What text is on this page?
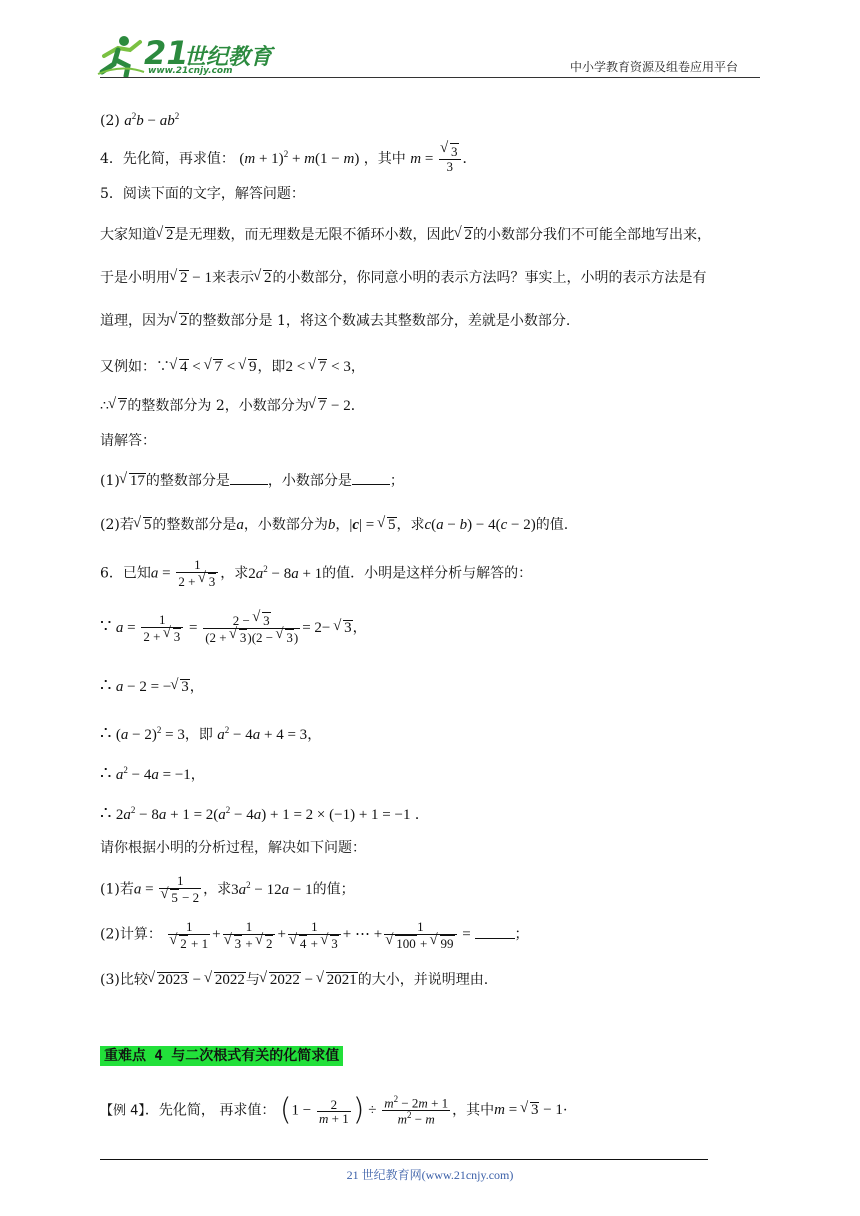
21
世纪教育
www.21cnjy.com	中小学教育资源及组卷应用平台
(2) $a^2b - ab^2$
4．先化简，再求值： $(m + 1)^2 + m(1 - m)$ ，其中 m = √ $\frac{3}{3}$ ．
5．阅读下面的文字，解答问题：
大家知道 √ 2是无理数，而无理数是无限不循环小数，因此 √ 2的小数部分我们不可能全部地写出来，
于是小明用 √ 2 − 1来表示 √ 2的小数部分，你同意小明的表示方法吗？事实上，小明的表示方法是有
道理，因为 √ 2的整数部分是 1，将这个数减去其整数部分，差就是小数部分.
又例如：∵ √ 4 < √ 7 < √ 9，即2 < √ 7 < 3，
∴ √ 7的整数部分为 2，小数部分为 √ 7 − 2．
请解答：
(1) √ 17的整数部分是	，小数部分是	；
(2)若 √ 5的整数部分是a，小数部分为b，|c| = √ 5，求c(a − b) − 4(c − 2)的值.
6．已知$a = \frac{1}{2 + √ 3}$ ，求$2a^2 - 8a + 1$的值．小明是这样分析与解答的：
∵ $a = \frac{1}{2 + √ 3} = \frac{2 - √ 3}{(2 + √ 3)(2 - √ 3)} = 2-$ √ 3，
∴ a − 2 = − √ 3，
∴ $(a - 2)^2 = 3$，即 $a^2 - 4a + 4 = 3$，
∴ $a^2 - 4a = -1$，
∴ $2a^2 - 8a + 1 = 2(a^2 - 4a) + 1 = 2 \times (-1) + 1 = -1$ ．
请你根据小明的分析过程，解决如下问题：
(1)若a = 1
√ 5 − 2 ，求$3a^2 - 12a - 1$的值；
(2)计算： 1
√ 2 + 1 + 1
√ 3 + √ 2 + 1
√ 4 + √ 3 + ⋯ + 1
√ 100 + √ 99 =	；
(3)比较 √ 2023 − √ 2022与 √ 2022 − √ 2021的大小，并说明理由.
重难点 4 与二次根式有关的化简求值
【例 4】．先化简， 再求值： ($1 - \frac{2}{m + 1}$ ) ÷ $\frac{m^2 - 2m + 1}{m^2 - m}$ ，其中m = √ 3 − 1·
21 世纪教育网(www.21cnjy.com)
